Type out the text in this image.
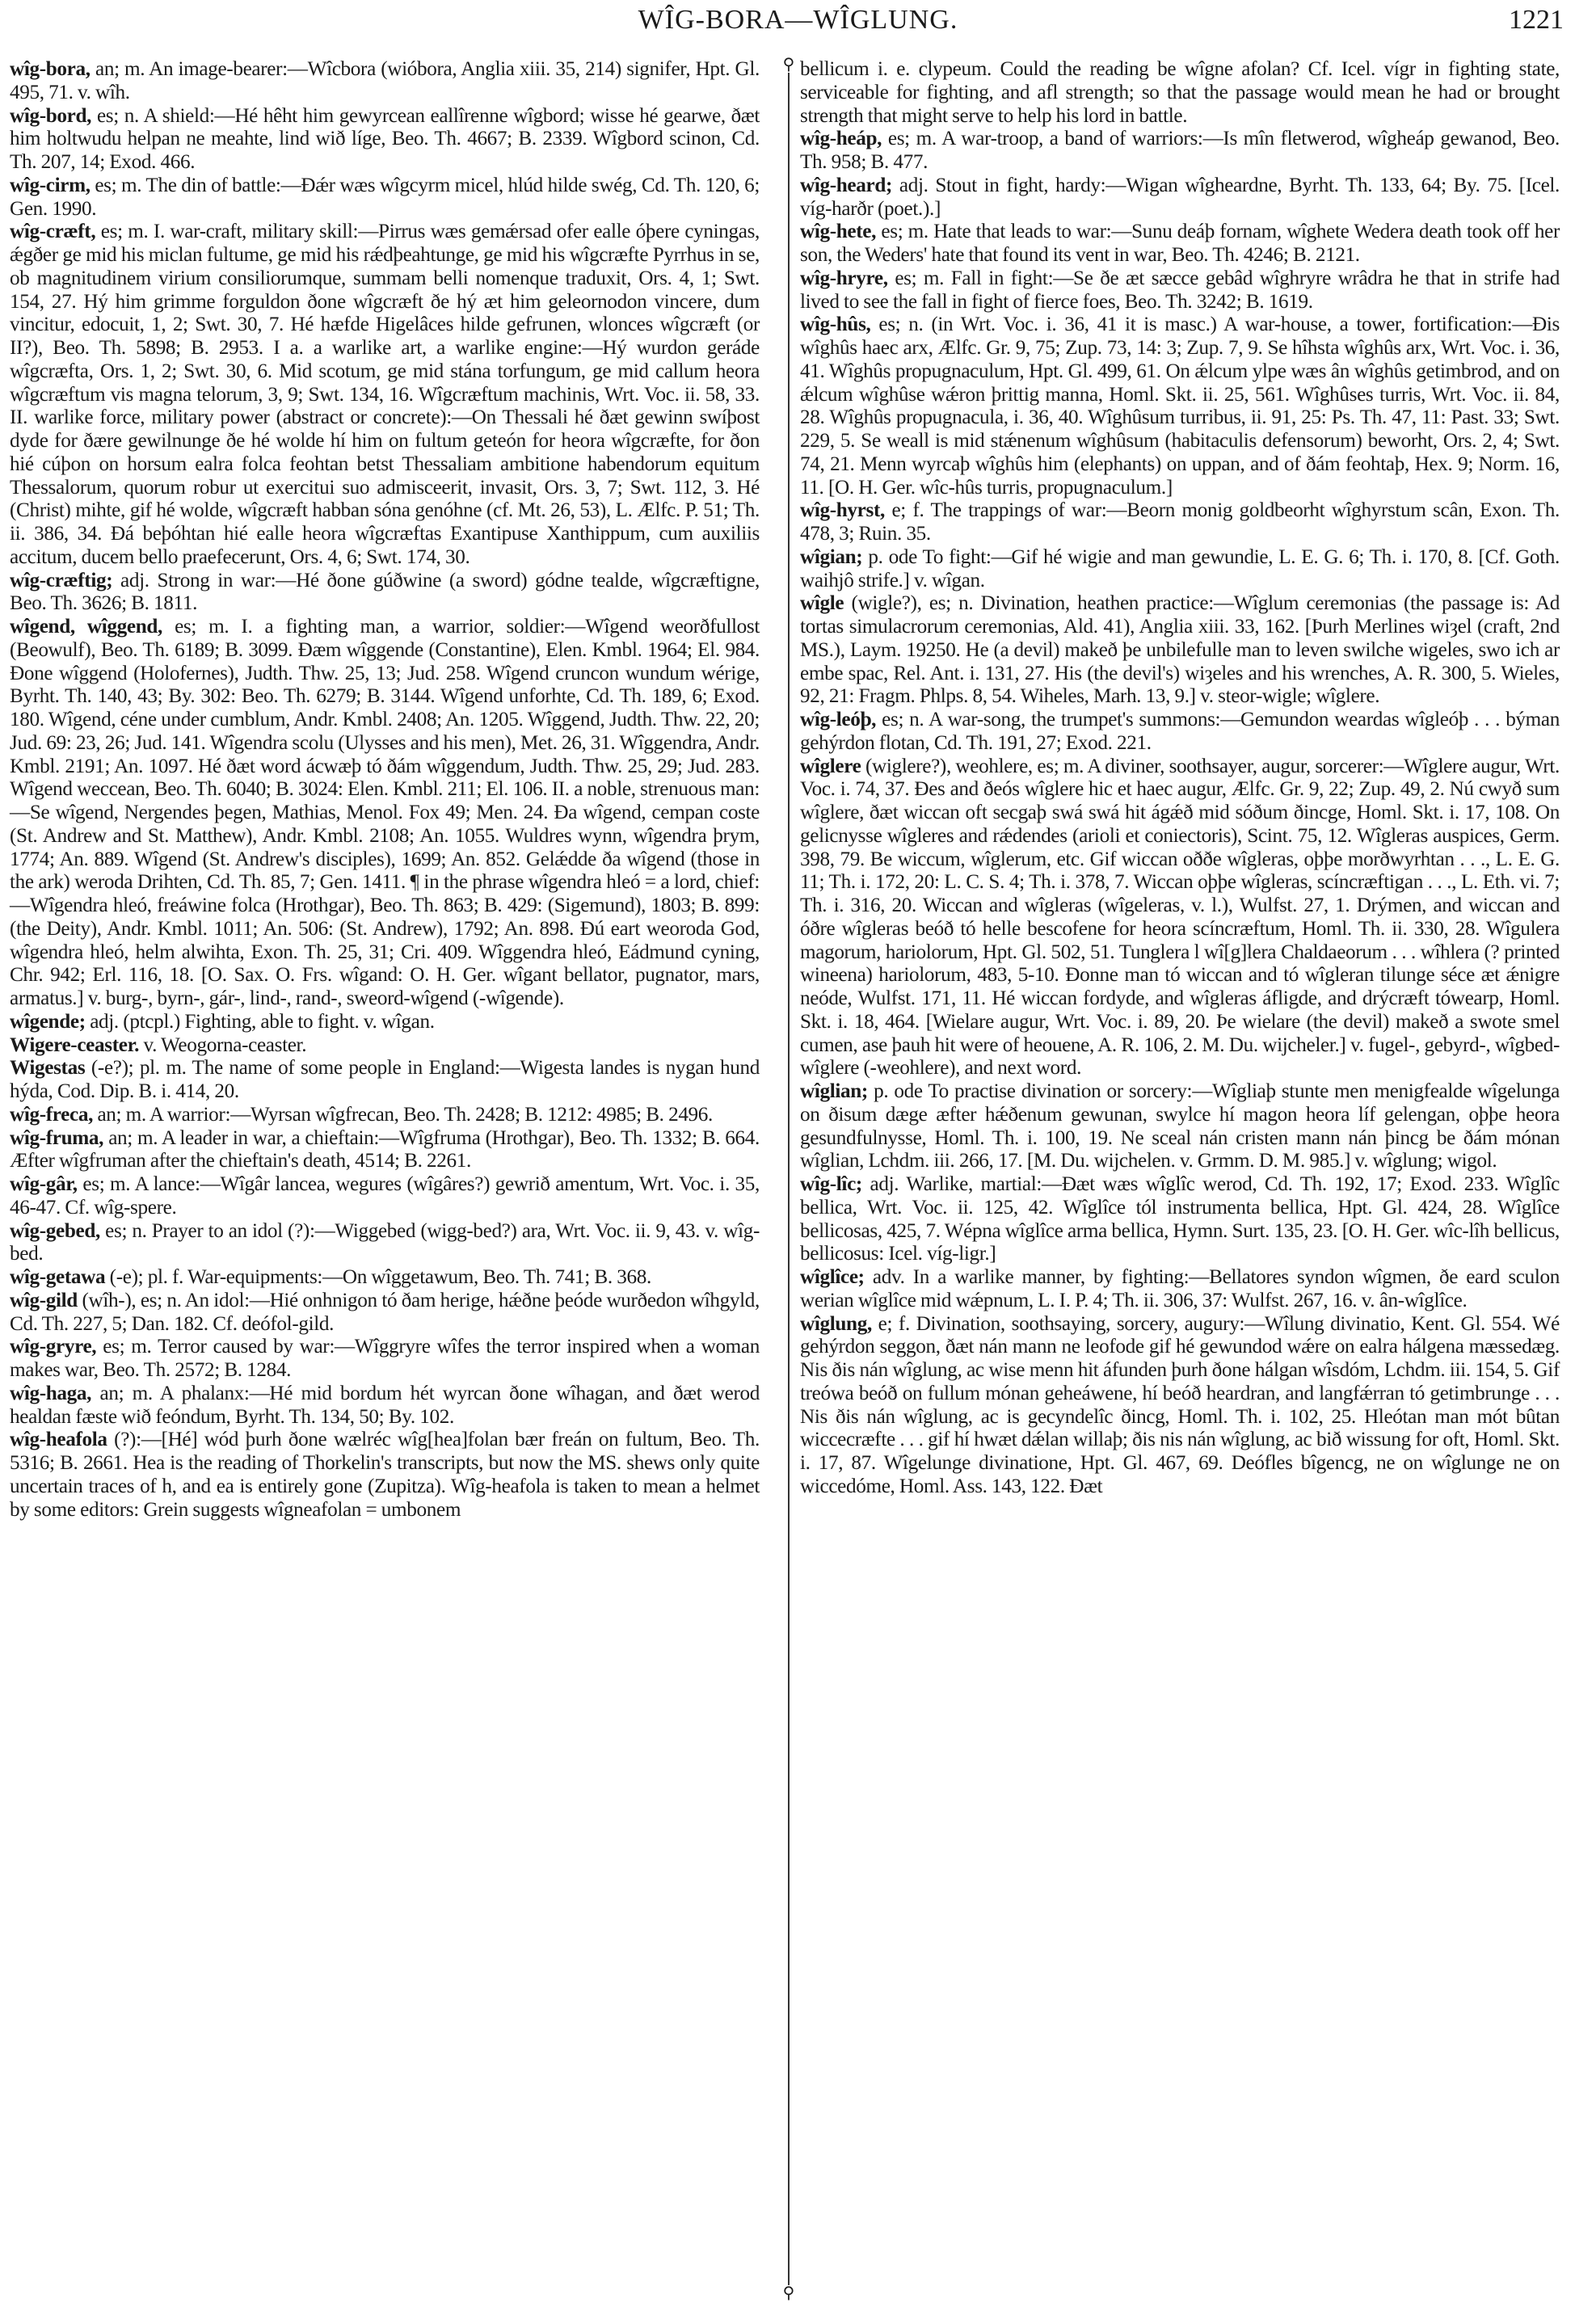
WÎG-BORA—WÎGLUNG.	1221
⚲
⚲

wîg-bora, an; m. An image-bearer:—Wîcbora (wióbora, Anglia xiii. 35, 214) signifer, Hpt. Gl. 495, 71. v. wîh.

wîg-bord, es; n. A shield:—Hé hêht him gewyrcean eallîrenne wîgbord; wisse hé gearwe, ðæt him holtwudu helpan ne meahte, lind wið líge, Beo. Th. 4667; B. 2339. Wîgbord scinon, Cd. Th. 207, 14; Exod. 466.

wîg-cirm, es; m. The din of battle:—Ðǽr wæs wîgcyrm micel, hlúd hilde swég, Cd. Th. 120, 6; Gen. 1990.

wîg-cræft, es; m. I. war-craft, military skill:—Pirrus wæs gemǽrsad ofer ealle óþere cyningas, ǽgðer ge mid his miclan fultume, ge mid his rǽdþeahtunge, ge mid his wîgcræfte Pyrrhus in se, ob magnitudinem virium consiliorumque, summam belli nomenque traduxit, Ors. 4, 1; Swt. 154, 27. Hý him grimme forguldon ðone wîgcræft ðe hý æt him geleornodon vincere, dum vincitur, edocuit, 1, 2; Swt. 30, 7. Hé hæfde Higelâces hilde gefrunen, wlonces wîgcræft (or II?), Beo. Th. 5898; B. 2953. I a. a warlike art, a warlike engine:—Hý wurdon geráde wîgcræfta, Ors. 1, 2; Swt. 30, 6. Mid scotum, ge mid stána torfungum, ge mid callum heora wîgcræftum vis magna telorum, 3, 9; Swt. 134, 16. Wîgcræftum machinis, Wrt. Voc. ii. 58, 33. II. warlike force, military power (abstract or concrete):—On Thessali hé ðæt gewinn swíþost dyde for ðære gewilnunge ðe hé wolde hí him on fultum geteón for heora wîgcræfte, for ðon hié cúþon on horsum ealra folca feohtan betst Thessaliam ambitione habendorum equitum Thessalorum, quorum robur ut exercitui suo admisceerit, invasit, Ors. 3, 7; Swt. 112, 3. Hé (Christ) mihte, gif hé wolde, wîgcræft habban sóna genóhne (cf. Mt. 26, 53), L. Ælfc. P. 51; Th. ii. 386, 34. Ðá beþóhtan hié ealle heora wîgcræftas Exantipuse Xanthippum, cum auxiliis accitum, ducem bello praefecerunt, Ors. 4, 6; Swt. 174, 30.

wîg-cræftig; adj. Strong in war:—Hé ðone gúðwine (a sword) gódne tealde, wîgcræftigne, Beo. Th. 3626; B. 1811.

wîgend, wîggend, es; m. I. a fighting man, a warrior, soldier:—Wîgend weorðfullost (Beowulf), Beo. Th. 6189; B. 3099. Ðæm wîggende (Constantine), Elen. Kmbl. 1964; El. 984. Ðone wîggend (Holofernes), Judth. Thw. 25, 13; Jud. 258. Wîgend cruncon wundum wérige, Byrht. Th. 140, 43; By. 302: Beo. Th. 6279; B. 3144. Wîgend unforhte, Cd. Th. 189, 6; Exod. 180. Wîgend, céne under cumblum, Andr. Kmbl. 2408; An. 1205. Wîggend, Judth. Thw. 22, 20; Jud. 69: 23, 26; Jud. 141. Wîgendra scolu (Ulysses and his men), Met. 26, 31. Wîggendra, Andr. Kmbl. 2191; An. 1097. Hé ðæt word ácwæþ tó ðám wîggendum, Judth. Thw. 25, 29; Jud. 283. Wîgend weccean, Beo. Th. 6040; B. 3024: Elen. Kmbl. 211; El. 106. II. a noble, strenuous man:—Se wîgend, Nergendes þegen, Mathias, Menol. Fox 49; Men. 24. Ða wîgend, cempan coste (St. Andrew and St. Matthew), Andr. Kmbl. 2108; An. 1055. Wuldres wynn, wîgendra þrym, 1774; An. 889. Wîgend (St. Andrew's disciples), 1699; An. 852. Gelǽdde ða wîgend (those in the ark) weroda Drihten, Cd. Th. 85, 7; Gen. 1411. ¶ in the phrase wîgendra hleó = a lord, chief:—Wîgendra hleó, freáwine folca (Hrothgar), Beo. Th. 863; B. 429: (Sigemund), 1803; B. 899: (the Deity), Andr. Kmbl. 1011; An. 506: (St. Andrew), 1792; An. 898. Ðú eart weoroda God, wîgendra hleó, helm alwihta, Exon. Th. 25, 31; Cri. 409. Wîggendra hleó, Eádmund cyning, Chr. 942; Erl. 116, 18. [O. Sax. O. Frs. wîgand: O. H. Ger. wîgant bellator, pugnator, mars, armatus.] v. burg-, byrn-, gár-, lind-, rand-, sweord-wîgend (-wîgende).

wîgende; adj. (ptcpl.) Fighting, able to fight. v. wîgan.

Wigere-ceaster. v. Weogorna-ceaster.

Wigestas (-e?); pl. m. The name of some people in England:—Wigesta landes is nygan hund hýda, Cod. Dip. B. i. 414, 20.

wîg-freca, an; m. A warrior:—Wyrsan wîgfrecan, Beo. Th. 2428; B. 1212: 4985; B. 2496.

wîg-fruma, an; m. A leader in war, a chieftain:—Wîgfruma (Hrothgar), Beo. Th. 1332; B. 664. Æfter wîgfruman after the chieftain's death, 4514; B. 2261.

wîg-gâr, es; m. A lance:—Wîgâr lancea, wegures (wîgâres?) gewrið amentum, Wrt. Voc. i. 35, 46-47. Cf. wîg-spere.

wîg-gebed, es; n. Prayer to an idol (?):—Wiggebed (wigg-bed?) ara, Wrt. Voc. ii. 9, 43. v. wîg-bed.

wîg-getawa (-e); pl. f. War-equipments:—On wîggetawum, Beo. Th. 741; B. 368.

wîg-gild (wîh-), es; n. An idol:—Hié onhnigon tó ðam herige, hǽðne þeóde wurðedon wîhgyld, Cd. Th. 227, 5; Dan. 182. Cf. deófol-gild.

wîg-gryre, es; m. Terror caused by war:—Wîggryre wîfes the terror inspired when a woman makes war, Beo. Th. 2572; B. 1284.

wîg-haga, an; m. A phalanx:—Hé mid bordum hét wyrcan ðone wîhagan, and ðæt werod healdan fæste wið feóndum, Byrht. Th. 134, 50; By. 102.

wîg-heafola (?):—[Hé] wód þurh ðone wælréc wîg[hea]folan bær freán on fultum, Beo. Th. 5316; B. 2661. Hea is the reading of Thorkelin's transcripts, but now the MS. shews only quite uncertain traces of h, and ea is entirely gone (Zupitza). Wîg-heafola is taken to mean a helmet by some editors: Grein suggests wîgneafolan = umbonem

bellicum i. e. clypeum. Could the reading be wîgne afolan? Cf. Icel. vígr in fighting state, serviceable for fighting, and afl strength; so that the passage would mean he had or brought strength that might serve to help his lord in battle.

wîg-heáp, es; m. A war-troop, a band of warriors:—Is mîn fletwerod, wîgheáp gewanod, Beo. Th. 958; B. 477.

wîg-heard; adj. Stout in fight, hardy:—Wigan wîgheardne, Byrht. Th. 133, 64; By. 75. [Icel. víg-harðr (poet.).]

wîg-hete, es; m. Hate that leads to war:—Sunu deáþ fornam, wîghete Wedera death took off her son, the Weders' hate that found its vent in war, Beo. Th. 4246; B. 2121.

wîg-hryre, es; m. Fall in fight:—Se ðe æt sæcce gebâd wîghryre wrâdra he that in strife had lived to see the fall in fight of fierce foes, Beo. Th. 3242; B. 1619.

wîg-hûs, es; n. (in Wrt. Voc. i. 36, 41 it is masc.) A war-house, a tower, fortification:—Ðis wîghûs haec arx, Ælfc. Gr. 9, 75; Zup. 73, 14: 3; Zup. 7, 9. Se hîhsta wîghûs arx, Wrt. Voc. i. 36, 41. Wîghûs propugnaculum, Hpt. Gl. 499, 61. On ǽlcum ylpe wæs ân wîghûs getimbrod, and on ǽlcum wîghûse wǽron þrittig manna, Homl. Skt. ii. 25, 561. Wîghûses turris, Wrt. Voc. ii. 84, 28. Wîghûs propugnacula, i. 36, 40. Wîghûsum turribus, ii. 91, 25: Ps. Th. 47, 11: Past. 33; Swt. 229, 5. Se weall is mid stǽnenum wîghûsum (habitaculis defensorum) beworht, Ors. 2, 4; Swt. 74, 21. Menn wyrcaþ wîghûs him (elephants) on uppan, and of ðám feohtaþ, Hex. 9; Norm. 16, 11. [O. H. Ger. wîc-hûs turris, propugnaculum.]

wîg-hyrst, e; f. The trappings of war:—Beorn monig goldbeorht wîghyrstum scân, Exon. Th. 478, 3; Ruin. 35.

wîgian; p. ode To fight:—Gif hé wigie and man gewundie, L. E. G. 6; Th. i. 170, 8. [Cf. Goth. waihjô strife.] v. wîgan.

wîgle (wigle?), es; n. Divination, heathen practice:—Wîglum ceremonias (the passage is: Ad tortas simulacrorum ceremonias, Ald. 41), Anglia xiii. 33, 162. [Þurh Merlines wiȝel (craft, 2nd MS.), Laym. 19250. He (a devil) makeð þe unbilefulle man to leven swilche wigeles, swo ich ar embe spac, Rel. Ant. i. 131, 27. His (the devil's) wiȝeles and his wrenches, A. R. 300, 5. Wieles, 92, 21: Fragm. Phlps. 8, 54. Wiheles, Marh. 13, 9.] v. steor-wigle; wîglere.

wîg-leóþ, es; n. A war-song, the trumpet's summons:—Gemundon weardas wîgleóþ . . . býman gehýrdon flotan, Cd. Th. 191, 27; Exod. 221.

wîglere (wiglere?), weohlere, es; m. A diviner, soothsayer, augur, sorcerer:—Wîglere augur, Wrt. Voc. i. 74, 37. Ðes and ðeós wîglere hic et haec augur, Ælfc. Gr. 9, 22; Zup. 49, 2. Nú cwyð sum wîglere, ðæt wiccan oft secgaþ swá swá hit ágǽð mid sóðum ðincge, Homl. Skt. i. 17, 108. On gelicnysse wîgleres and rǽdendes (arioli et coniectoris), Scint. 75, 12. Wîgleras auspices, Germ. 398, 79. Be wiccum, wîglerum, etc. Gif wiccan oððe wîgleras, oþþe morðwyrhtan . . ., L. E. G. 11; Th. i. 172, 20: L. C. S. 4; Th. i. 378, 7. Wiccan oþþe wîgleras, scíncræftigan . . ., L. Eth. vi. 7; Th. i. 316, 20. Wiccan and wîgleras (wîgeleras, v. l.), Wulfst. 27, 1. Drýmen, and wiccan and óðre wîgleras beóð tó helle bescofene for heora scíncræftum, Homl. Th. ii. 330, 28. Wîgulera magorum, hariolorum, Hpt. Gl. 502, 51. Tunglera l wî[g]lera Chaldaeorum . . . wîhlera (? printed wineena) hariolorum, 483, 5-10. Ðonne man tó wiccan and tó wîgleran tilunge séce æt ǽnigre neóde, Wulfst. 171, 11. Hé wiccan fordyde, and wîgleras áfligde, and drýcræft tówearp, Homl. Skt. i. 18, 464. [Wielare augur, Wrt. Voc. i. 89, 20. Þe wielare (the devil) makeð a swote smel cumen, ase þauh hit were of heouene, A. R. 106, 2. M. Du. wijcheler.] v. fugel-, gebyrd-, wîgbed-wîglere (-weohlere), and next word.

wîglian; p. ode To practise divination or sorcery:—Wîgliaþ stunte men menigfealde wîgelunga on ðisum dæge æfter hǽðenum gewunan, swylce hí magon heora líf gelengan, oþþe heora gesundfulnysse, Homl. Th. i. 100, 19. Ne sceal nán cristen mann nán þincg be ðám mónan wîglian, Lchdm. iii. 266, 17. [M. Du. wijchelen. v. Grmm. D. M. 985.] v. wîglung; wigol.

wîg-lîc; adj. Warlike, martial:—Ðæt wæs wîglîc werod, Cd. Th. 192, 17; Exod. 233. Wîglîc bellica, Wrt. Voc. ii. 125, 42. Wîglîce tól instrumenta bellica, Hpt. Gl. 424, 28. Wîglîce bellicosas, 425, 7. Wépna wîglîce arma bellica, Hymn. Surt. 135, 23. [O. H. Ger. wîc-lîh bellicus, bellicosus: Icel. víg-ligr.]

wîglîce; adv. In a warlike manner, by fighting:—Bellatores syndon wîgmen, ðe eard sculon werian wîglîce mid wǽpnum, L. I. P. 4; Th. ii. 306, 37: Wulfst. 267, 16. v. ân-wîglîce.

wîglung, e; f. Divination, soothsaying, sorcery, augury:—Wîlung divinatio, Kent. Gl. 554. Wé gehýrdon seggon, ðæt nán mann ne leofode gif hé gewundod wǽre on ealra hálgena mæssedæg. Nis ðis nán wîglung, ac wise menn hit áfunden þurh ðone hálgan wîsdóm, Lchdm. iii. 154, 5. Gif treówa beóð on fullum mónan geheáwene, hí beóð heardran, and langfǽrran tó getimbrunge . . . Nis ðis nán wîglung, ac is gecyndelîc ðincg, Homl. Th. i. 102, 25. Hleótan man mót bûtan wiccecræfte . . . gif hí hwæt dǽlan willaþ; ðis nis nán wîglung, ac bið wissung for oft, Homl. Skt. i. 17, 87. Wîgelunge divinatione, Hpt. Gl. 467, 69. Deófles bîgencg, ne on wîglunge ne on wiccedóme, Homl. Ass. 143, 122. Ðæt
